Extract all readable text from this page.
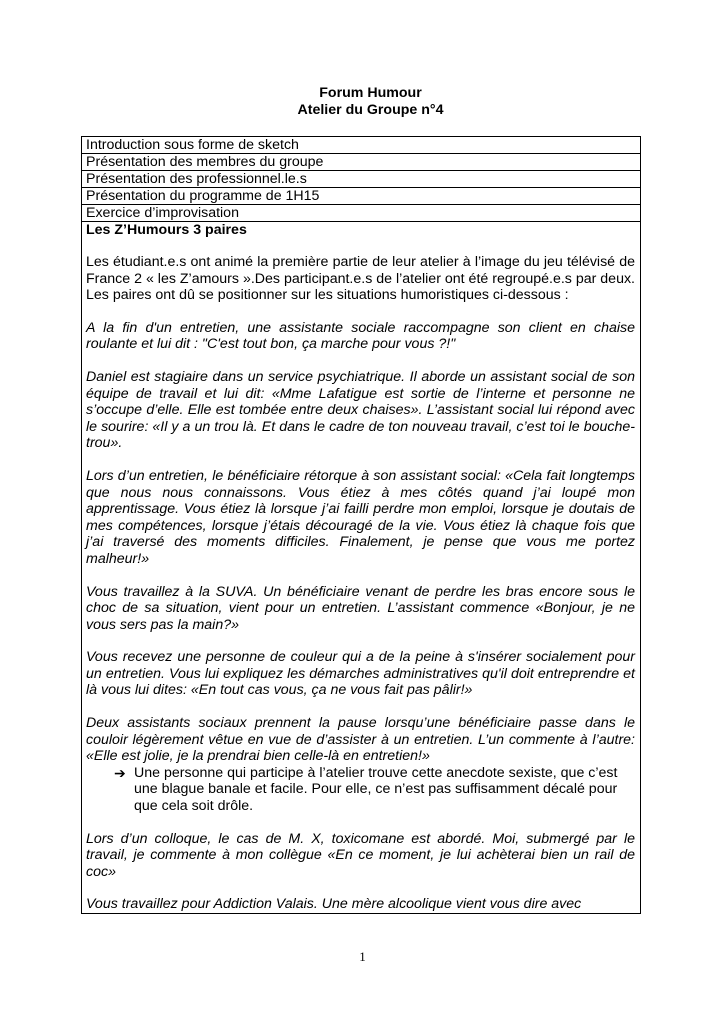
Forum Humour
Atelier du Groupe n°4
Introduction sous forme de sketch
Présentation des membres du groupe
Présentation des professionnel.le.s
Présentation du programme de 1H15
Exercice d’improvisation

Les Z’Humours 3 paires
Les étudiant.e.s ont animé la première partie de leur atelier à l’image du jeu télévisé de France 2 « les Z’amours ».Des participant.e.s de l’atelier ont été regroupé.e.s par deux. Les paires ont dû se positionner sur les situations humoristiques ci-dessous :
A la fin d'un entretien, une assistante sociale raccompagne son client en chaise roulante et lui dit : "C'est tout bon, ça marche pour vous ?!"
Daniel est stagiaire dans un service psychiatrique. Il aborde un assistant social de son équipe de travail et lui dit: «Mme Lafatigue est sortie de l’interne et personne ne s’occupe d’elle. Elle est tombée entre deux chaises». L’assistant social lui répond avec le sourire: «Il y a un trou là. Et dans le cadre de ton nouveau travail, c’est toi le bouche-trou».
Lors d’un entretien, le bénéficiaire rétorque à son assistant social: «Cela fait longtemps que nous nous connaissons. Vous étiez à mes côtés quand j’ai loupé mon apprentissage. Vous étiez là lorsque j’ai failli perdre mon emploi, lorsque je doutais de mes compétences, lorsque j’étais découragé de la vie. Vous étiez là chaque fois que j’ai traversé des moments difficiles. Finalement, je pense que vous me portez malheur!»
Vous travaillez à la SUVA. Un bénéficiaire venant de perdre les bras encore sous le choc de sa situation, vient pour un entretien. L’assistant commence «Bonjour, je ne vous sers pas la main?»
Vous recevez une personne de couleur qui a de la peine à s'insérer socialement pour un entretien. Vous lui expliquez les démarches administratives qu'il doit entreprendre et là vous lui dites: «En tout cas vous, ça ne vous fait pas pâlir!»
Deux assistants sociaux prennent la pause lorsqu’une bénéficiaire passe dans le couloir légèrement vêtue en vue de d’assister à un entretien. L’un commente à l’autre: «Elle est jolie, je la prendrai bien celle-là en entretien!»
➔ Une personne qui participe à l’atelier trouve cette anecdote sexiste, que c’est une blague banale et facile. Pour elle, ce n’est pas suffisamment décalé pour que cela soit drôle.
Lors d’un colloque, le cas de M. X, toxicomane est abordé. Moi, submergé par le travail, je commente à mon collègue «En ce moment, je lui achèterai bien un rail de coc»
Vous travaillez pour Addiction Valais. Une mère alcoolique vient vous dire avec
1
